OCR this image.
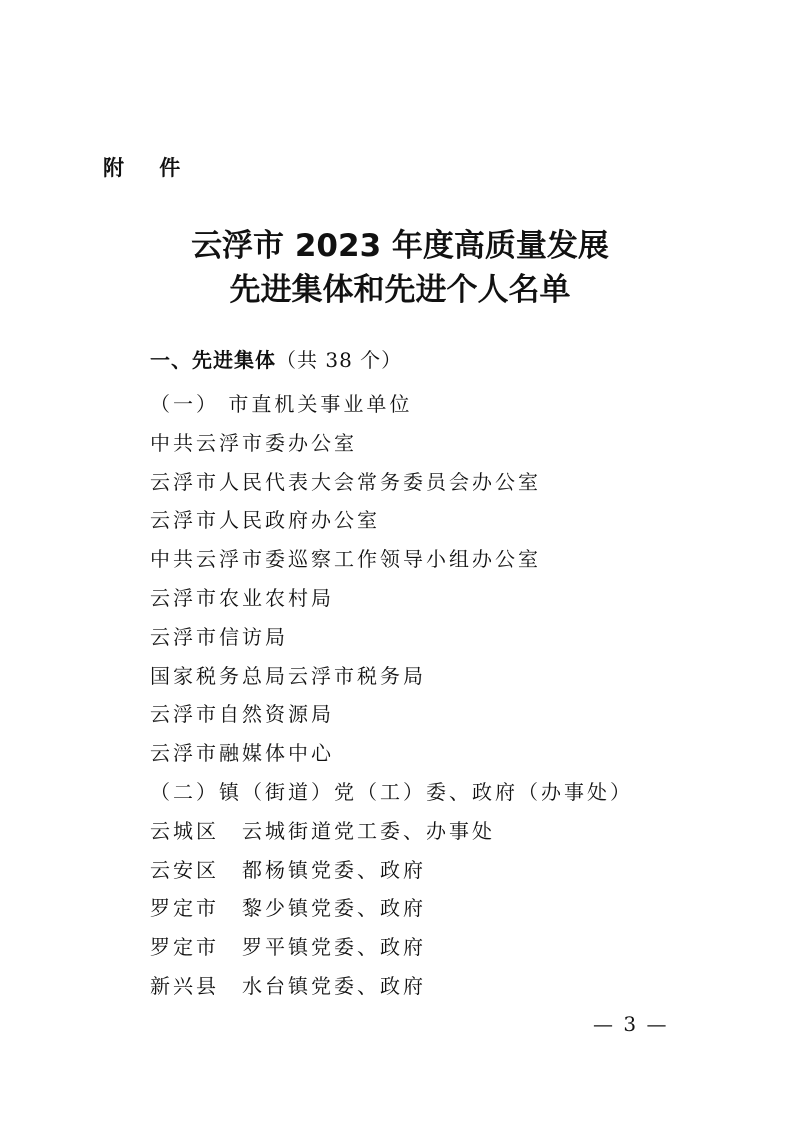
附 件
云浮市 2023 年度高质量发展
先进集体和先进个人名单
一、先进集体（共 38 个）
（一） 市直机关事业单位
中共云浮市委办公室
云浮市人民代表大会常务委员会办公室
云浮市人民政府办公室
中共云浮市委巡察工作领导小组办公室
云浮市农业农村局
云浮市信访局
国家税务总局云浮市税务局
云浮市自然资源局
云浮市融媒体中心
（二）镇（街道）党（工）委、政府（办事处）
云城区 云城街道党工委、办事处
云安区 都杨镇党委、政府
罗定市 黎少镇党委、政府
罗定市 罗平镇党委、政府
新兴县 水台镇党委、政府
— 3 —
